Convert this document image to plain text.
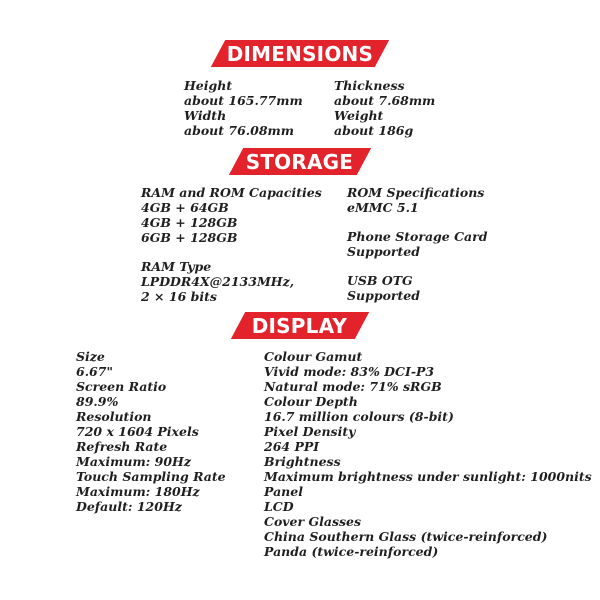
DIMENSIONS
Height
about 165.77mm
Width
about 76.08mm
Thickness
about 7.68mm
Weight
about 186g
STORAGE
RAM and ROM Capacities
4GB + 64GB
4GB + 128GB
6GB + 128GB
RAM Type
LPDDR4X@2133MHz,
2 × 16 bits
ROM Specifications
eMMC 5.1
Phone Storage Card
Supported
USB OTG
Supported
DISPLAY
Size
6.67"
Screen Ratio
89.9%
Resolution
720 x 1604 Pixels
Refresh Rate
Maximum: 90Hz
Touch Sampling Rate
Maximum: 180Hz
Default: 120Hz
Colour Gamut
Vivid mode: 83% DCI-P3
Natural mode: 71% sRGB
Colour Depth
16.7 million colours (8-bit)
Pixel Density
264 PPI
Brightness
Maximum brightness under sunlight: 1000nits
Panel
LCD
Cover Glasses
China Southern Glass (twice-reinforced)
Panda (twice-reinforced)
